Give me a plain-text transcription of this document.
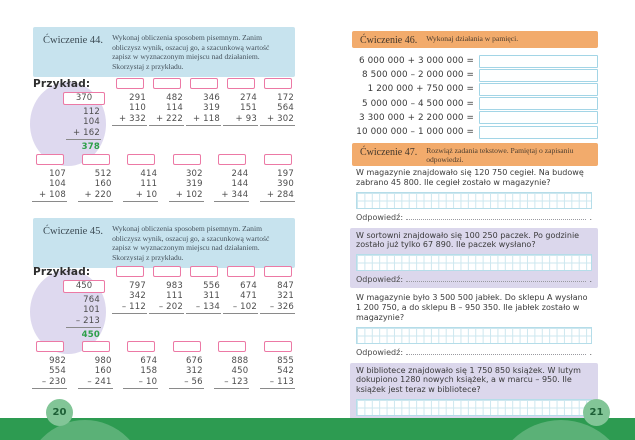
Ćwiczenie 44. Wykonaj obliczenia sposobem pisemnym. Zanim obliczysz wynik, oszacuj go, a szacunkową wartość zapisz w wyznaczonym miejscu nad działaniem. Skorzystaj z przykładu.
Przykład:
370
112
104
+ 162
378
291
110
+ 332
482
114
+ 222
346
319
+ 118
274
151
+ 93
172
564
+ 302
107
104
+ 108
512
160
+ 220
414
111
+ 10
302
319
+ 102
244
144
+ 344
197
390
+ 284
Ćwiczenie 45. Wykonaj obliczenia sposobem pisemnym. Zanim obliczysz wynik, oszacuj go, a szacunkową wartość zapisz w wyznaczonym miejscu nad działaniem. Skorzystaj z przykładu.
Przykład:
450
764
101
– 213
450
797
342
– 112
983
111
– 202
556
311
– 134
674
471
– 102
847
321
– 326
982
554
– 230
980
160
– 241
674
158
– 10
676
312
– 56
888
450
– 123
855
542
– 113
Ćwiczenie 46. Wykonaj działania w pamięci.
6 000 000 + 3 000 000 =
8 500 000 – 2 000 000 =
1 200 000 + 750 000 =
5 000 000 – 4 500 000 =
3 300 000 + 2 200 000 =
10 000 000 – 1 000 000 =
Ćwiczenie 47. Rozwiąż zadania tekstowe. Pamiętaj o zapisaniu odpowiedzi.
W magazynie znajdowało się 120 750 cegieł. Na budowę zabrano 45 800. Ile cegieł zostało w magazynie?
Odpowiedź:	.
W sortowni znajdowało się 100 250 paczek. Po godzinie zostało już tylko 67 890. Ile paczek wysłano?
Odpowiedź:	.
W magazynie było 3 500 500 jabłek. Do sklepu A wysłano 1 200 750, a do sklepu B – 950 350. Ile jabłek zostało w magazynie?
Odpowiedź:	.
W bibliotece znajdowało się 1 750 850 książek. W lutym dokupiono 1280 nowych książek, a w marcu – 950. Ile książek jest teraz w bibliotece?
20	21
